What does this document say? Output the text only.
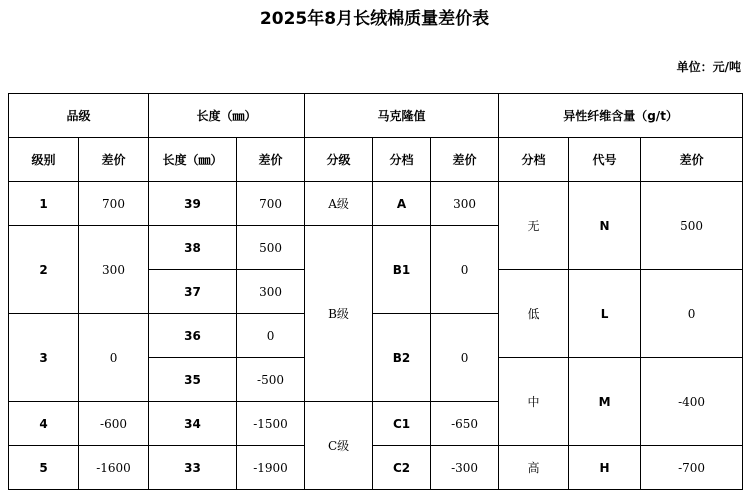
2025年8月长绒棉质量差价表
单位：元/吨
品级		长度（㎜）		马克隆值			异性纤维含量（g/t）		
级别	差价	长度（㎜）	差价	分级	分档	差价	分档	代号	差价
1	700	39	700	A级	A	300	无	N	500
2	300	38	500	B级	B1	0			
		37	300				低	L	0
3	0	36	0		B2	0			
		35	-500				中	M	-400
4	-600	34	-1500	C级	C1	-650			
5	-1600	33	-1900		C2	-300	高	H	-700
